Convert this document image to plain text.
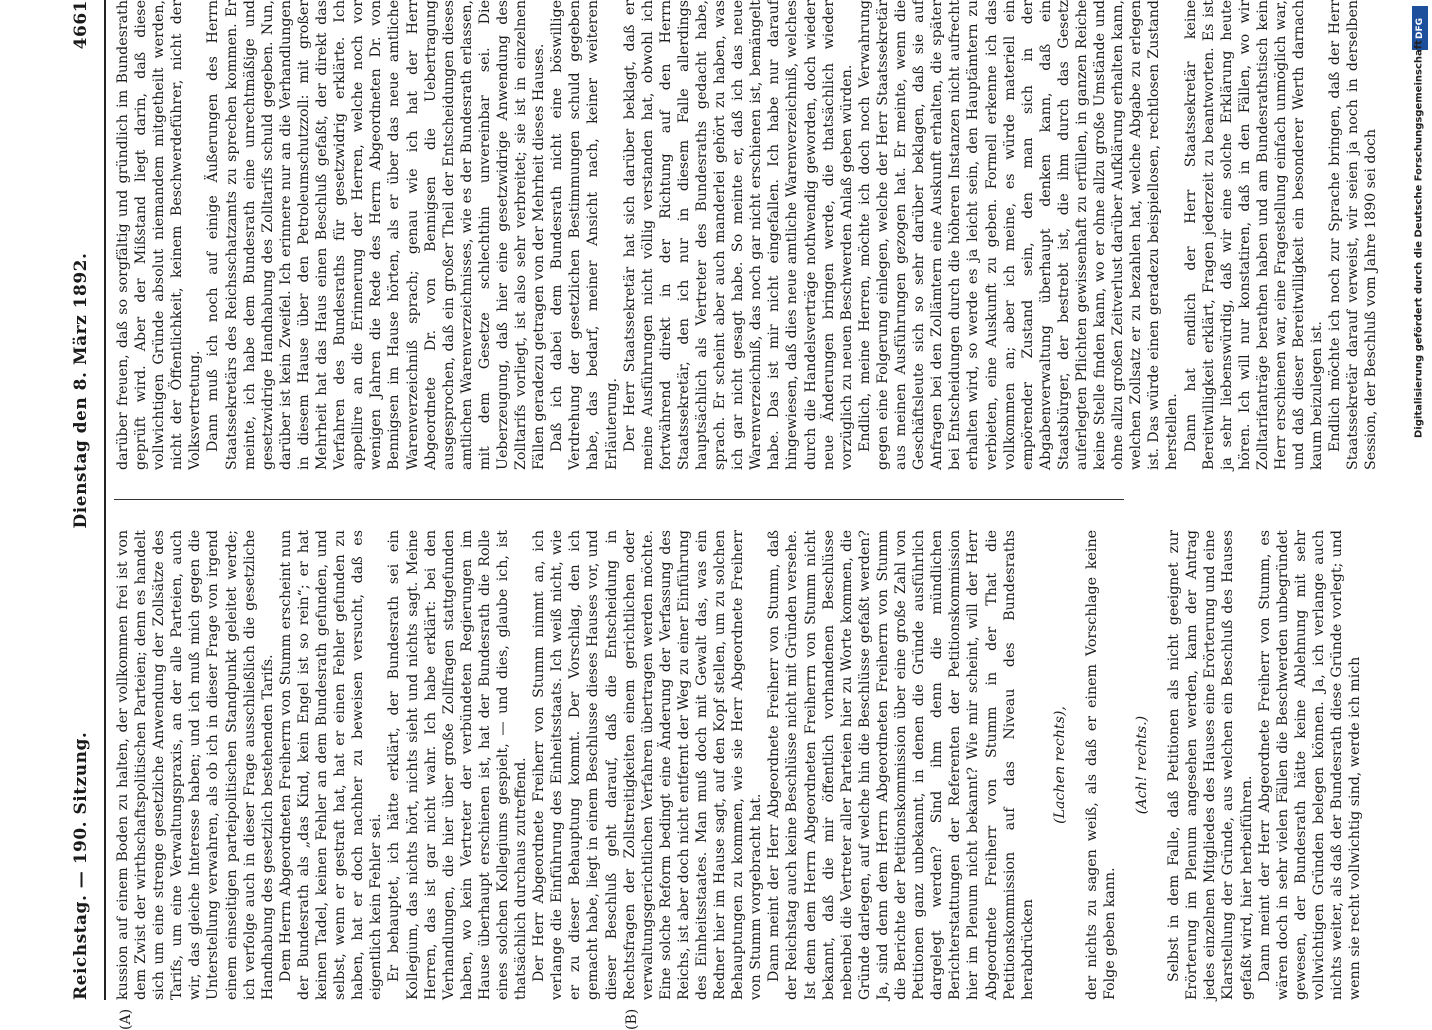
Reichstag. — 190. Sitzung.
Dienstag den 8. März 1892.
4661
(A)	(B)

kussion auf einem Boden zu halten, der vollkommen frei ist von dem Zwist der wirthschaftspolitischen Parteien; denn es handelt sich um eine strenge gesetzliche Anwendung der Zollsätze des Tarifs, um eine Verwaltungspraxis, an der alle Parteien, auch wir, das gleiche Interesse haben; und ich muß mich gegen die Unterstellung verwahren, als ob ich in dieser Frage von irgend einem einseitigen parteipolitischen Standpunkt geleitet werde; ich verfolge auch in dieser Frage ausschließlich die gesetzliche Handhabung des gesetzlich bestehenden Tarifs. Dem Herrn Abgeordneten Freiherrn von Stumm erscheint nun der Bundesrath als „das Kind, kein Engel ist so rein“; er hat keinen Tadel, keinen Fehler an dem Bundesrath gefunden, und selbst, wenn er gestraft hat, hat er einen Fehler gefunden zu haben, hat er doch nachher zu beweisen versucht, daß es eigentlich kein Fehler sei. Er behauptet, ich hätte erklärt, der Bundesrath sei ein Kollegium, das nichts hört, nichts sieht und nichts sagt. Meine Herren, das ist gar nicht wahr. Ich habe erklärt: bei den Verhandlungen, die hier über große Zollfragen stattgefunden haben, wo kein Vertreter der verbündeten Regierungen im Hause überhaupt erschienen ist, hat der Bundesrath die Rolle eines solchen Kollegiums gespielt, — und dies, glaube ich, ist thatsächlich durchaus zutreffend. Der Herr Abgeordnete Freiherr von Stumm nimmt an, ich verlange die Einführung des Einheitsstaats. Ich weiß nicht, wie er zu dieser Behauptung kommt. Der Vorschlag, den ich gemacht habe, liegt in einem Beschlusse dieses Hauses vor, und dieser Beschluß geht darauf, daß die Entscheidung in Rechtsfragen der Zollstreitigkeiten einem gerichtlichen oder verwaltungsgerichtlichen Verfahren übertragen werden möchte. Eine solche Reform bedingt eine Änderung der Verfassung des Reichs, ist aber doch nicht entfernt der Weg zu einer Einführung des Einheitsstaates. Man muß doch mit Gewalt das, was ein Redner hier im Hause sagt, auf den Kopf stellen, um zu solchen Behauptungen zu kommen, wie sie Herr Abgeordnete Freiherr von Stumm vorgebracht hat. Dann meint der Herr Abgeordnete Freiherr von Stumm, daß der Reichstag auch keine Beschlüsse nicht mit Gründen versehe. Ist denn dem Herrn Abgeordneten Freiherrn von Stumm nicht bekannt, daß die mir öffentlich vorhandenen Beschlüsse nebenbei die Vertreter aller Parteien hier zu Worte kommen, die Gründe darlegen, auf welche hin die Beschlüsse gefaßt werden? Ja, sind denn dem Herrn Abgeordneten Freiherrn von Stumm die Berichte der Petitionskommission über eine große Zahl von Petitionen ganz unbekannt, in denen die Gründe ausführlich dargelegt werden? Sind ihm denn die mündlichen Berichterstattungen der Referenten der Petitionskommission hier im Plenum nicht bekannt? Wie mir scheint, will der Herr Abgeordnete Freiherr von Stumm in der That die Petitionskommission auf das Niveau des Bundesraths herabdrücken

(Lachen rechts), der nichts zu sagen weiß, als daß er einem Vorschlage keine Folge geben kann.

(Ach! rechts.) Selbst in dem Falle, daß Petitionen als nicht geeignet zur Erörterung im Plenum angesehen werden, kann der Antrag jedes einzelnen Mitgliedes des Hauses eine Erörterung und eine Klarstellung der Gründe, aus welchen ein Beschluß des Hauses gefaßt wird, hier herbeiführen. Dann meint der Herr Abgeordnete Freiherr von Stumm, es wären doch in sehr vielen Fällen die Beschwerden unbegründet gewesen, der Bundesrath hätte keine Ablehnung mit sehr vollwichtigen Gründen belegen können. Ja, ich verlange auch nichts weiter, als daß der Bundesrath diese Gründe vorlegt; und wenn sie recht vollwichtig sind, werde ich mich

darüber freuen, daß so sorgfältig und gründlich im Bundesrath geprüft wird. Aber der Mißstand liegt darin, daß diese vollwichtigen Gründe absolut niemandem mitgetheilt werden, nicht der Öffentlichkeit, keinem Beschwerdeführer, nicht der Volksvertretung. Dann muß ich noch auf einige Äußerungen des Herrn Staatssekretärs des Reichsschatzamts zu sprechen kommen. Er meinte, ich habe dem Bundesrath eine unrechtmäßige und gesetzwidrige Handhabung des Zolltarifs schuld gegeben. Nun, darüber ist kein Zweifel. Ich erinnere nur an die Verhandlungen in diesem Hause über den Petroleumschutzzoll: mit großer Mehrheit hat das Haus einen Beschluß gefaßt, der direkt das Verfahren des Bundesraths für gesetzwidrig erklärte. Ich appellire an die Erinnerung der Herren, welche noch vor wenigen Jahren die Rede des Herrn Abgeordneten Dr. von Bennigsen im Hause hörten, als er über das neue amtliche Warenverzeichniß sprach; genau wie ich hat der Herr Abgeordnete Dr. von Bennigsen die Uebertragung ausgesprochen, daß ein großer Theil der Entscheidungen dieses amtlichen Warenverzeichnisses, wie es der Bundesrath erlassen, mit dem Gesetze schlechthin unvereinbar sei. Die Ueberzeugung, daß hier eine gesetzwidrige Anwendung des Zolltarifs vorliegt, ist also sehr verbreitet; sie ist in einzelnen Fällen geradezu getragen von der Mehrheit dieses Hauses. Daß ich dabei dem Bundesrath nicht eine böswillige Verdrehung der gesetzlichen Bestimmungen schuld gegeben habe, das bedarf, meiner Ansicht nach, keiner weiteren Erläuterung. Der Herr Staatssekretär hat sich darüber beklagt, daß er meine Ausführungen nicht völlig verstanden hat, obwohl ich fortwährend direkt in der Richtung auf den Herrn Staatssekretär, den ich nur in diesem Falle allerdings hauptsächlich als Vertreter des Bundesraths gedacht habe, sprach. Er scheint aber auch manderlei gehört zu haben, was ich gar nicht gesagt habe. So meinte er, daß ich das neue Warenverzeichniß, das noch gar nicht erschienen ist, bemängelt habe. Das ist mir nicht eingefallen. Ich habe nur darauf hingewiesen, daß dies neue amtliche Warenverzeichniß, welches durch die Handelsverträge nothwendig geworden, doch wieder neue Änderungen bringen werde, die thatsächlich wieder vorzüglich zu neuen Beschwerden Anlaß geben würden. Endlich, meine Herren, möchte ich doch noch Verwahrung gegen eine Folgerung einlegen, welche der Herr Staatssekretär aus meinen Ausführungen gezogen hat. Er meinte, wenn die Geschäftsleute sich so sehr darüber beklagen, daß sie auf Anfragen bei den Zollämtern eine Auskunft erhalten, die später bei Entscheidungen durch die höheren Instanzen nicht aufrecht erhalten wird, so werde es ja leicht sein, den Hauptämtern zu verbieten, eine Auskunft zu geben. Formell erkenne ich das vollkommen an; aber ich meine, es würde materiell ein empörender Zustand sein, den man sich in der Abgabenverwaltung überhaupt denken kann, daß ein Staatsbürger, der bestrebt ist, die ihm durch das Gesetz auferlegten Pflichten gewissenhaft zu erfüllen, in ganzen Reiche keine Stelle finden kann, wo er ohne allzu große Umstände und ohne allzu großen Zeitverlust darüber Aufklärung erhalten kann, welchen Zollsatz er zu bezahlen hat, welche Abgabe zu erlegen ist. Das würde einen geradezu beispiellosen, rechtlosen Zustand herstellen. Dann hat endlich der Herr Staatssekretär keine Bereitwilligkeit erklärt, Fragen jederzeit zu beantworten. Es ist ja sehr liebenswürdig, daß wir eine solche Erklärung heute hören. Ich will nur konstatiren, daß in den Fällen, wo wir Zolltarifanträge berathen haben und am Bundesrathstisch kein Herr erschienen war, eine Fragestellung einfach unmöglich war, und daß dieser Bereitwilligkeit ein besonderer Werth darnach kaum beizulegen ist. Endlich möchte ich noch zur Sprache bringen, daß der Herr Staatssekretär darauf verweist, wir seien ja noch in derselben Session, der Beschluß vom Jahre 1890 sei doch

DFG
Digitalisierung gefördert durch die Deutsche Forschungsgemeinschaft
